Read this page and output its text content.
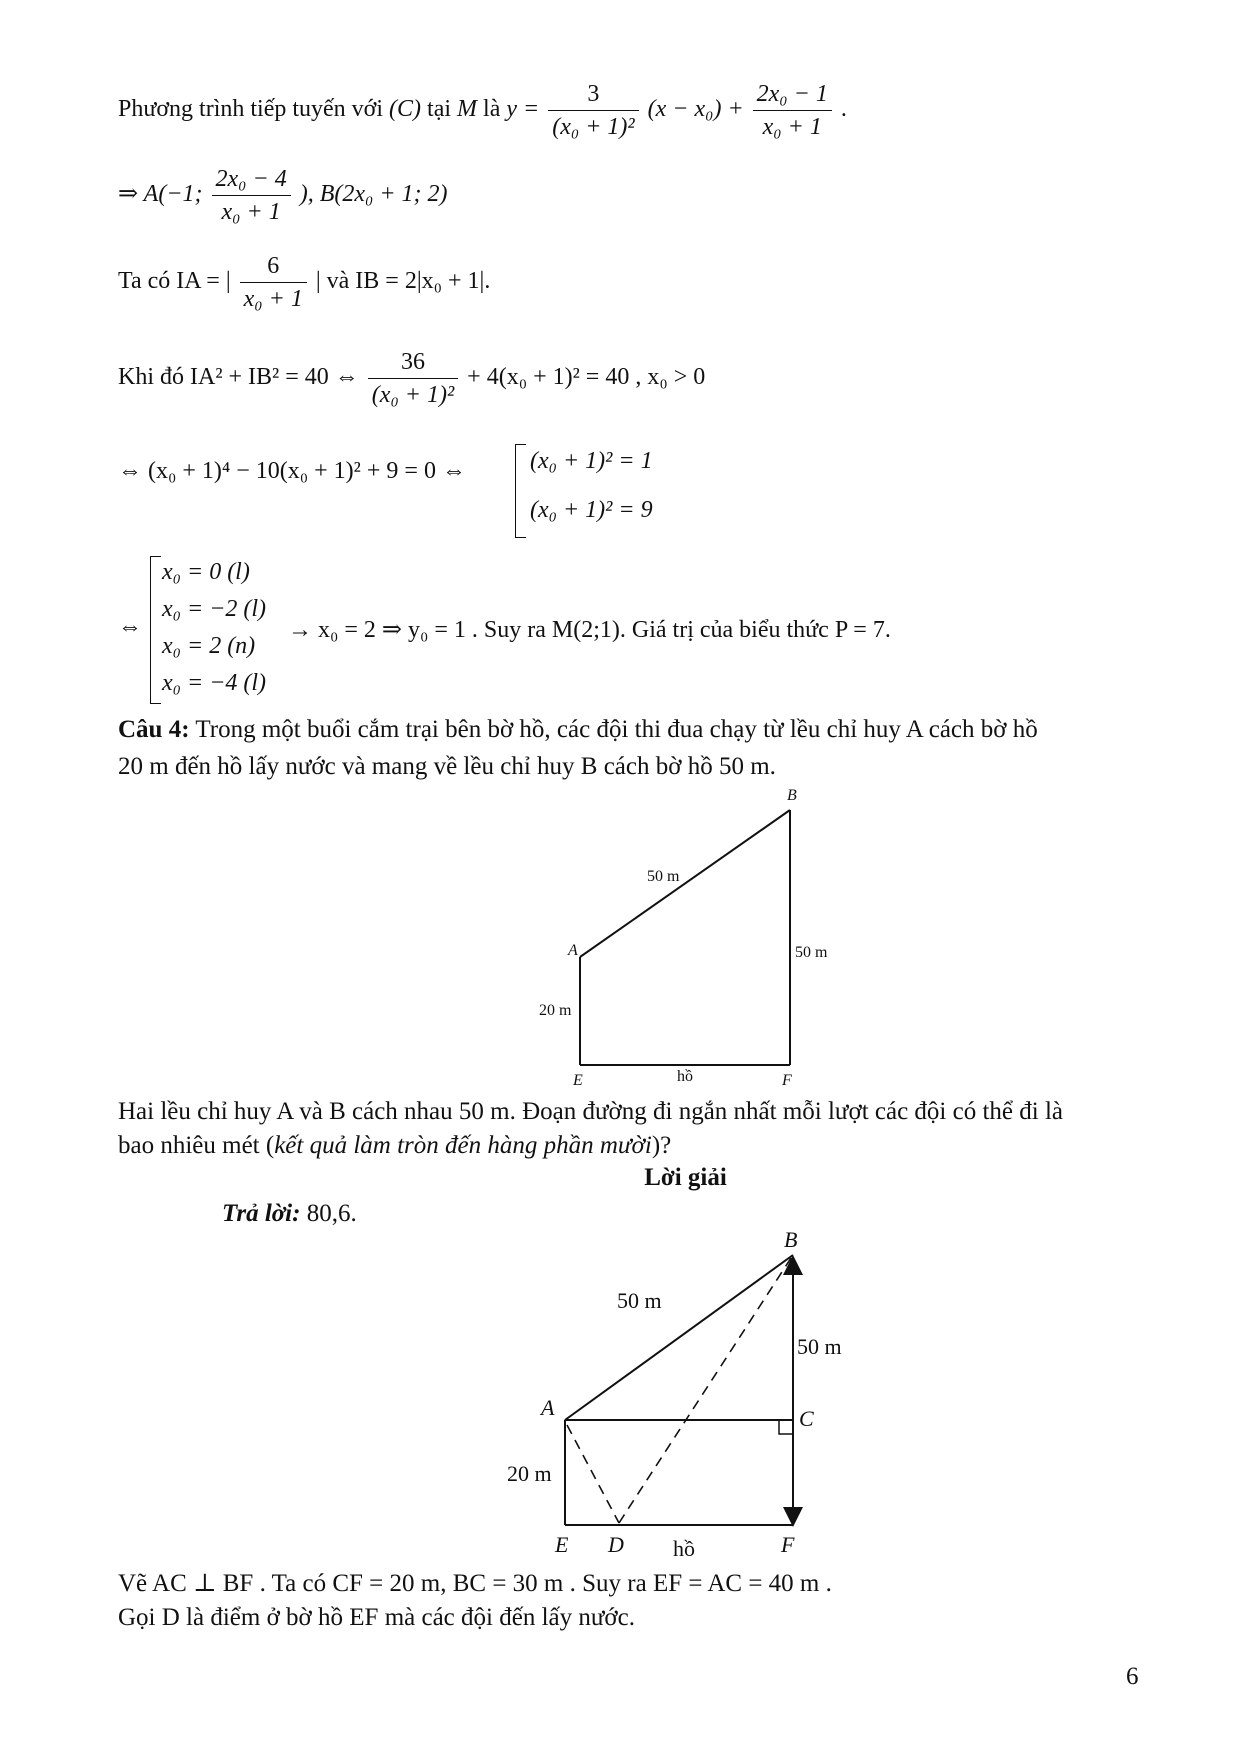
Phương trình tiếp tuyến với (C) tại M là $y = \frac{3}{\text{(x₀ + 1)²}} (x - x_0) + \frac{\text{2x₀ − 1}}{\text{x₀ + 1}}$ .
⇒ A(−1; $\frac{\text{2x₀ − 4}}{\text{x₀ + 1}}$ ), B(2x₀ + 1; 2)
Ta có IA = | $\frac{6}{\text{x₀ + 1}}$ | và IB = 2|x₀ + 1|.
Khi đó IA² + IB² = 40 ⇔ $\frac{36}{\text{(x₀ + 1)²}} + 4(x_0 + 1)^2 = 40$ , x₀ > 0
⇔ (x₀ + 1)⁴ − 10(x₀ + 1)² + 9 = 0 ⇔	(x₀ + 1)² = 1
(x₀ + 1)² = 9
⇔
x₀ = 0 (l)
x₀ = −2 (l)
x₀ = 2 (n)
x₀ = −4 (l)
→ x₀ = 2 ⇒ y₀ = 1 . Suy ra M(2;1). Giá trị của biểu thức P = 7.
Câu 4: Trong một buổi cắm trại bên bờ hồ, các đội thi đua chạy từ lều chỉ huy A cách bờ hồ
20 m đến hồ lấy nước và mang về lều chỉ huy B cách bờ hồ 50 m.
B
A
E	F
50 m
50 m
20 m
hồ
Hai lều chỉ huy A và B cách nhau 50 m. Đoạn đường đi ngắn nhất mỗi lượt các đội có thể đi là
bao nhiêu mét (kết quả làm tròn đến hàng phần mười)?
Lời giải
Trả lời: 80,6.
B
A	C
D
E	F
50 m
50 m
20 m
hồ
Vẽ AC ⊥ BF . Ta có CF = 20 m, BC = 30 m . Suy ra EF = AC = 40 m .
Gọi D là điểm ở bờ hồ EF mà các đội đến lấy nước.
6
